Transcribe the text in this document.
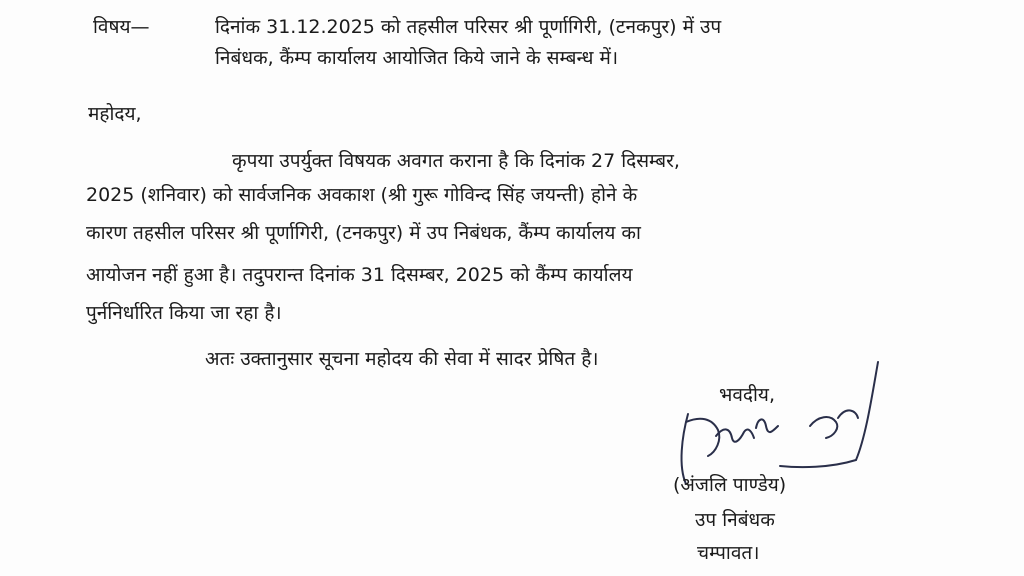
विषय—	दिनांक 31.12.2025 को तहसील परिसर श्री पूर्णागिरी, (टनकपुर) में उप
निबंधक, कैंम्प कार्यालय आयोजित किये जाने के सम्बन्ध में।
महोदय,
कृपया उपर्युक्त विषयक अवगत कराना है कि दिनांक 27 दिसम्बर,
2025 (शनिवार) को सार्वजनिक अवकाश (श्री गुरू गोविन्द सिंह जयन्ती) होने के
कारण तहसील परिसर श्री पूर्णागिरी, (टनकपुर) में उप निबंधक, कैंम्प कार्यालय का
आयोजन नहीं हुआ है। तदुपरान्त दिनांक 31 दिसम्बर, 2025 को कैंम्प कार्यालय
पुर्ननिर्धारित किया जा रहा है।
अतः उक्तानुसार सूचना महोदय की सेवा में सादर प्रेषित है।
भवदीय,
(अंजलि पाण्डेय)
उप निबंधक
चम्पावत।
